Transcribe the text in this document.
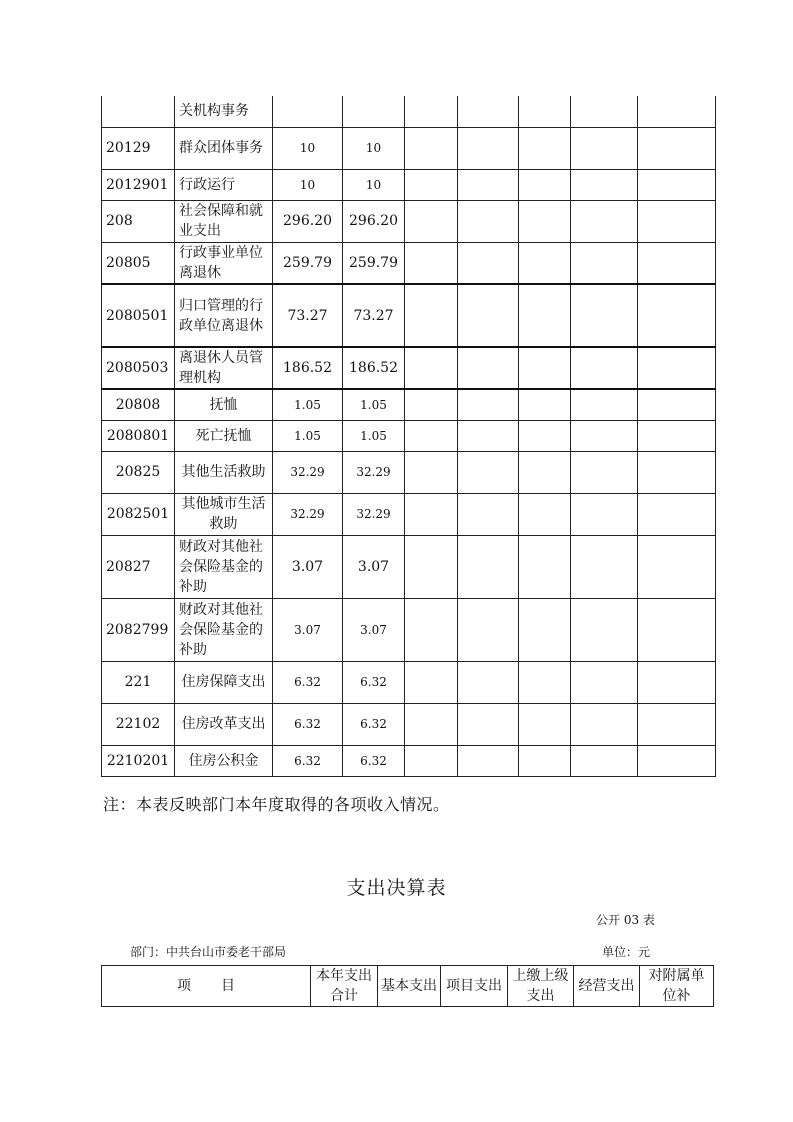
	关机构事务							
20129	群众团体事务	10	10					
2012901	行政运行	10	10					
208	社会保障和就业支出	296.20	296.20					
20805	行政事业单位离退休	259.79	259.79					
2080501	归口管理的行政单位离退休	73.27	73.27					
2080503	离退休人员管理机构	186.52	186.52					
20808	抚恤	1.05	1.05					
2080801	死亡抚恤	1.05	1.05					
20825	其他生活救助	32.29	32.29					
2082501	其他城市生活救助	32.29	32.29					
20827	财政对其他社会保险基金的补助	3.07	3.07					
2082799	财政对其他社会保险基金的补助	3.07	3.07					
221	住房保障支出	6.32	6.32					
22102	住房改革支出	6.32	6.32					
2210201	住房公积金	6.32	6.32					
注：本表反映部门本年度取得的各项收入情况。
支出决算表
公开 03 表
部门：中共台山市委老干部局	单位：元
项 目	本年支出合计	基本支出	项目支出	上缴上级支出	经营支出	对附属单位补
